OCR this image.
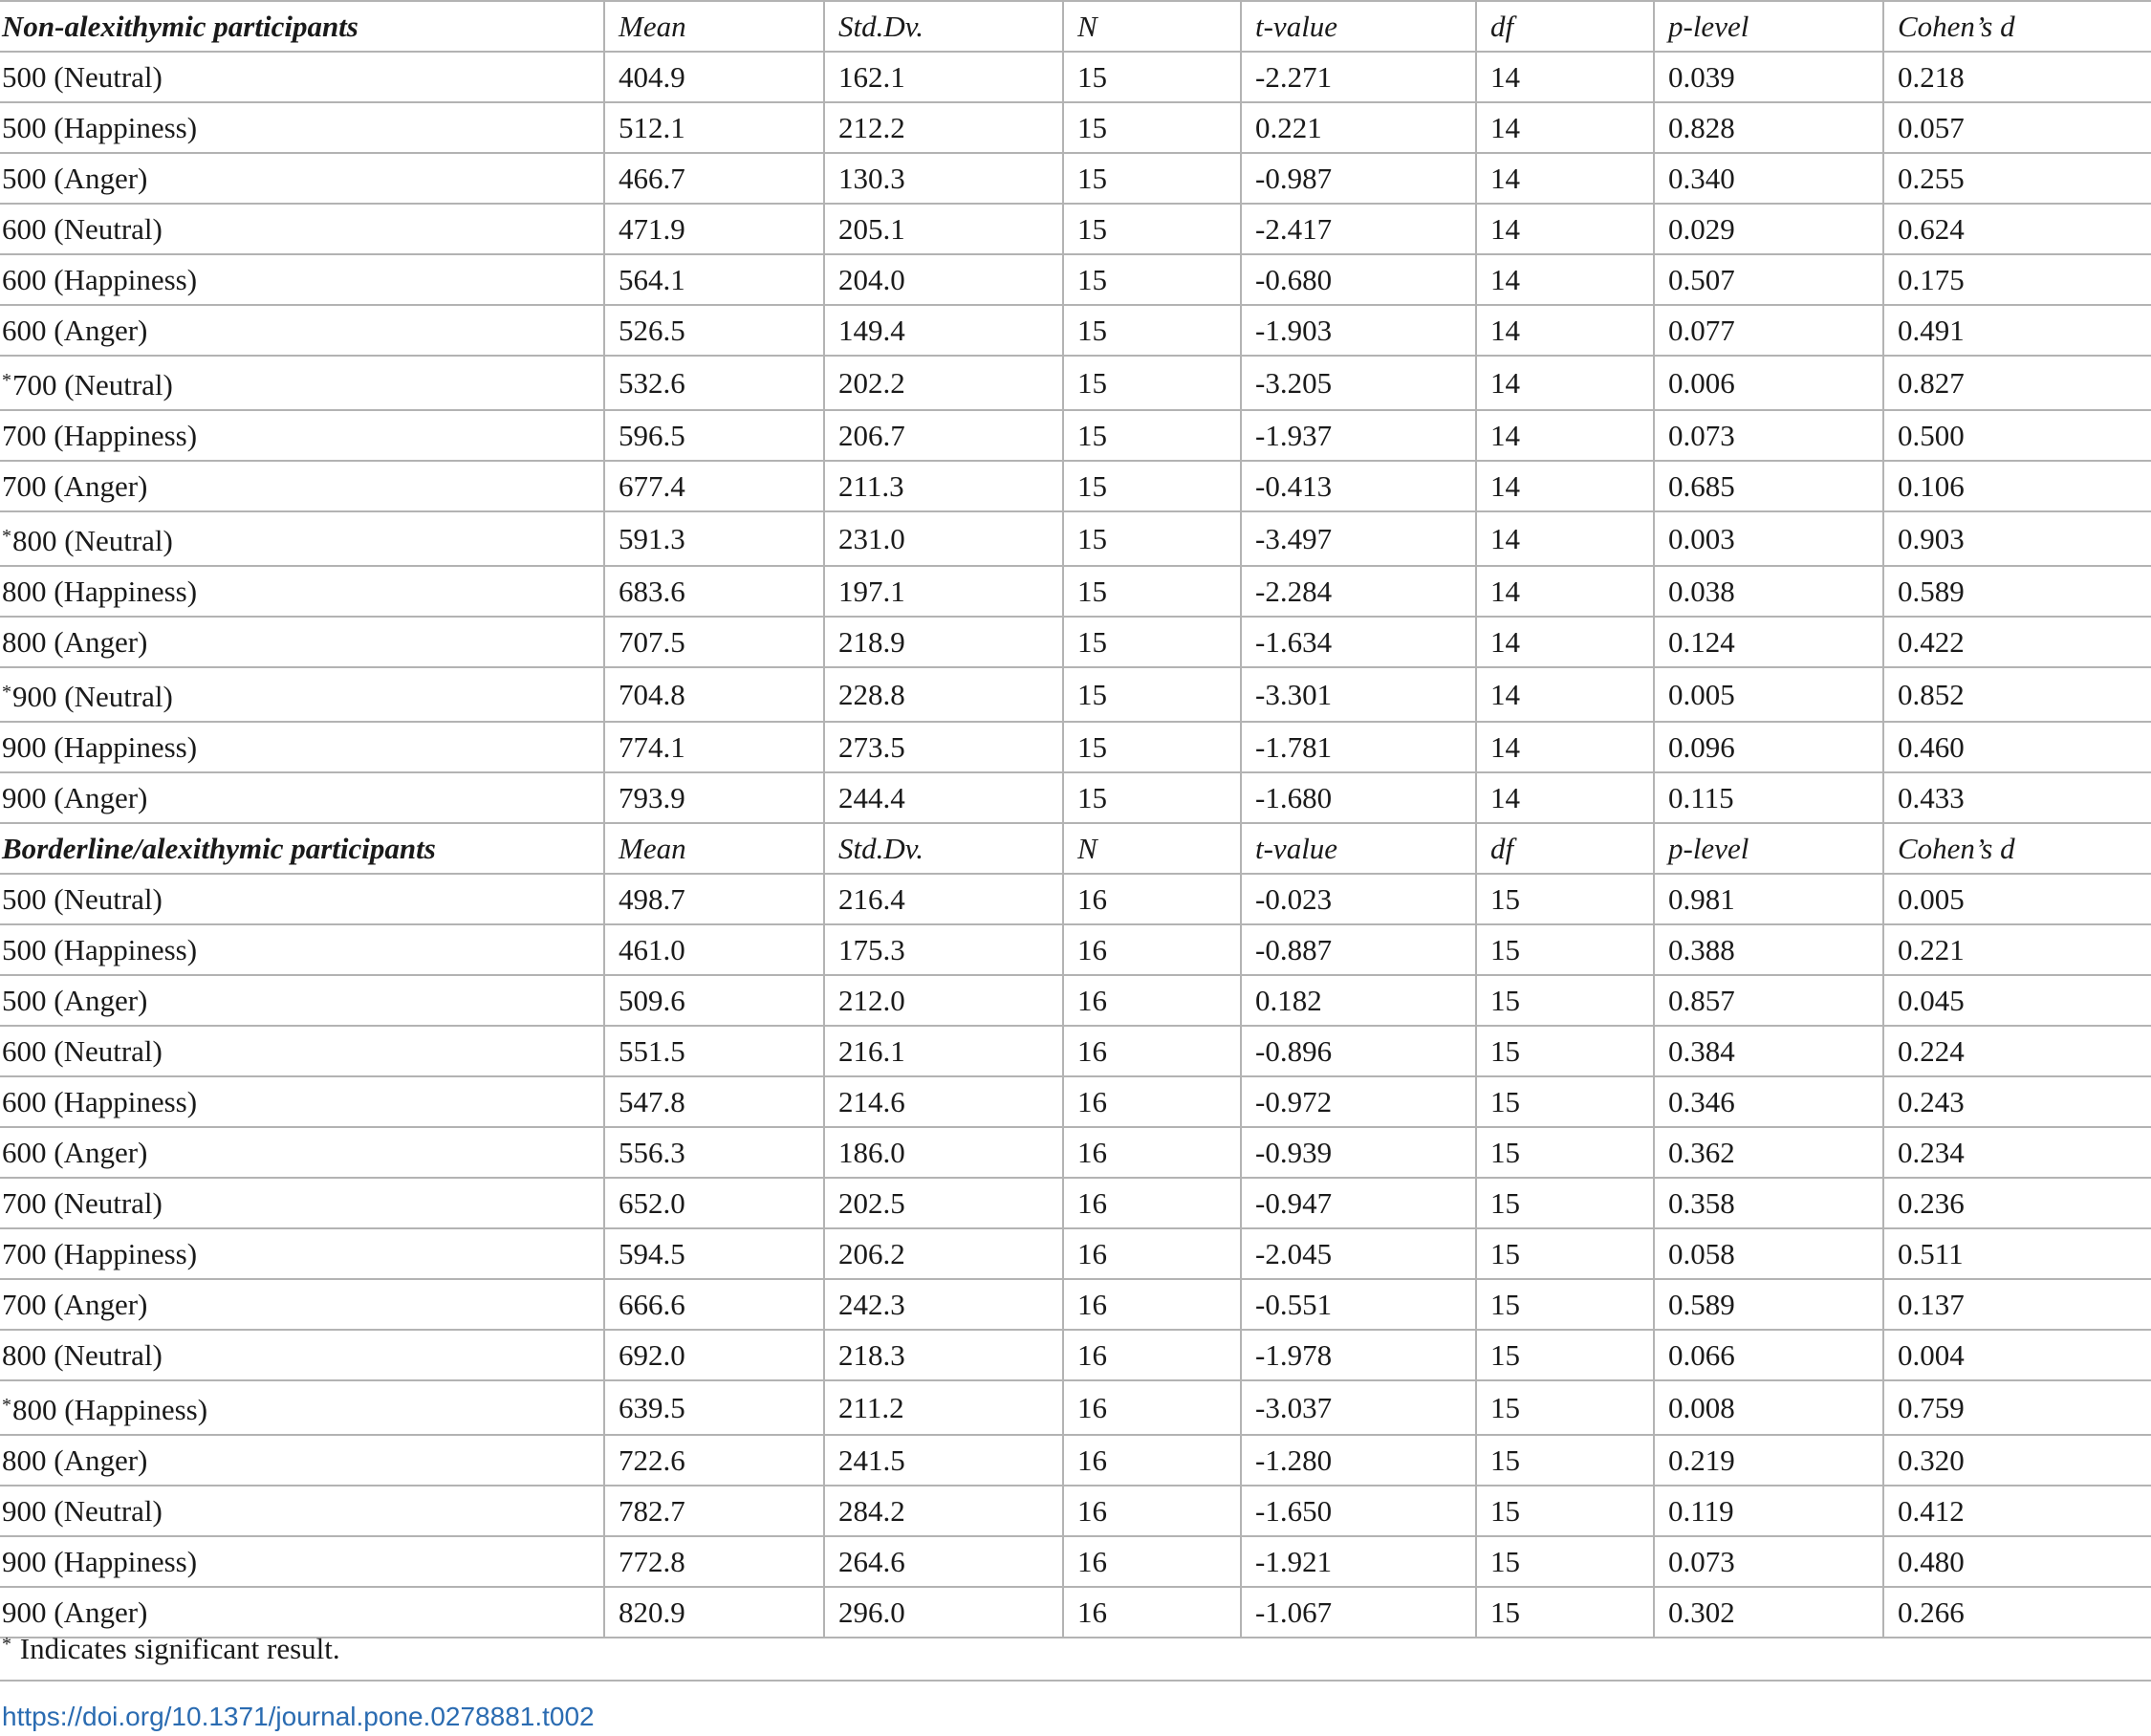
Non-alexithymic participants	Mean	Std.Dv.	N	t-value	df	p-level	Cohen’s d
500 (Neutral)	404.9	162.1	15	-2.271	14	0.039	0.218
500 (Happiness)	512.1	212.2	15	0.221	14	0.828	0.057
500 (Anger)	466.7	130.3	15	-0.987	14	0.340	0.255
600 (Neutral)	471.9	205.1	15	-2.417	14	0.029	0.624
600 (Happiness)	564.1	204.0	15	-0.680	14	0.507	0.175
600 (Anger)	526.5	149.4	15	-1.903	14	0.077	0.491
*700 (Neutral)	532.6	202.2	15	-3.205	14	0.006	0.827
700 (Happiness)	596.5	206.7	15	-1.937	14	0.073	0.500
700 (Anger)	677.4	211.3	15	-0.413	14	0.685	0.106
*800 (Neutral)	591.3	231.0	15	-3.497	14	0.003	0.903
800 (Happiness)	683.6	197.1	15	-2.284	14	0.038	0.589
800 (Anger)	707.5	218.9	15	-1.634	14	0.124	0.422
*900 (Neutral)	704.8	228.8	15	-3.301	14	0.005	0.852
900 (Happiness)	774.1	273.5	15	-1.781	14	0.096	0.460
900 (Anger)	793.9	244.4	15	-1.680	14	0.115	0.433
Borderline/alexithymic participants	Mean	Std.Dv.	N	t-value	df	p-level	Cohen’s d
500 (Neutral)	498.7	216.4	16	-0.023	15	0.981	0.005
500 (Happiness)	461.0	175.3	16	-0.887	15	0.388	0.221
500 (Anger)	509.6	212.0	16	0.182	15	0.857	0.045
600 (Neutral)	551.5	216.1	16	-0.896	15	0.384	0.224
600 (Happiness)	547.8	214.6	16	-0.972	15	0.346	0.243
600 (Anger)	556.3	186.0	16	-0.939	15	0.362	0.234
700 (Neutral)	652.0	202.5	16	-0.947	15	0.358	0.236
700 (Happiness)	594.5	206.2	16	-2.045	15	0.058	0.511
700 (Anger)	666.6	242.3	16	-0.551	15	0.589	0.137
800 (Neutral)	692.0	218.3	16	-1.978	15	0.066	0.004
*800 (Happiness)	639.5	211.2	16	-3.037	15	0.008	0.759
800 (Anger)	722.6	241.5	16	-1.280	15	0.219	0.320
900 (Neutral)	782.7	284.2	16	-1.650	15	0.119	0.412
900 (Happiness)	772.8	264.6	16	-1.921	15	0.073	0.480
900 (Anger)	820.9	296.0	16	-1.067	15	0.302	0.266
* Indicates significant result.
https://doi.org/10.1371/journal.pone.0278881.t002
